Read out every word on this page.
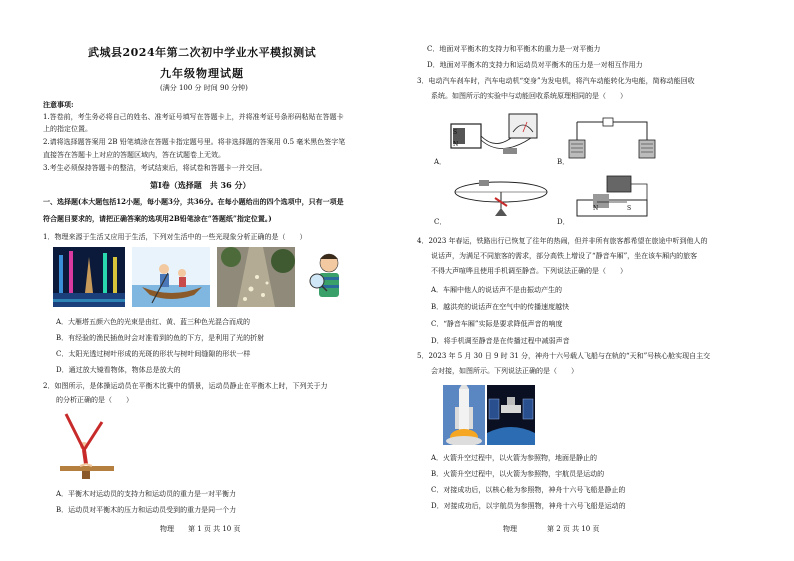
武城县2024年第二次初中学业水平模拟测试
九年级物理试题
(满分 100 分 时间 90 分钟)
注意事项:
1.答卷前，考生务必将自己的姓名、准考证号填写在答题卡上，并将准考证号条形码粘贴在答题卡
上的指定位置。
2.请将选择题答案用 2B 铅笔填涂在答题卡指定题号里。将非选择题的答案用 0.5 毫米黑色签字笔
直接答在答题卡上对应的答题区域内，答在试题卷上无效。
3.考生必须保持答题卡的整洁，考试结束后，将试卷和答题卡一并交回。
第Ⅰ卷（选择题　共 36 分）
一、选择题(本大题包括12小题，每小题3分，共36分。在每小题给出的四个选项中，只有一项是
符合题目要求的，请把正确答案的选项用2B铅笔涂在“答题纸”指定位置。)
1．物理来源于生活又应用于生活，下列对生活中的一些光现象分析正确的是（　　）
A．大雁塔五颜六色的光束是由红、黄、蓝三种色光混合而成的
B．有经验的渔民插鱼时会对准看到的鱼的下方，是利用了光的折射
C．太阳光透过树叶形成的光斑的形状与树叶间缝隙的形状一样
D．通过放大镜看物体，物体总是放大的
2．如图所示，是体操运动员在平衡木比赛中的情景，运动员静止在平衡木上时，下列关于力
的分析正确的是（　　）
A．平衡木对运动员的支持力和运动员的重力是一对平衡力
B．运动员对平衡木的压力和运动员受到的重力是同一个力
物理 第 1 页 共 10 页
C．地面对平衡木的支持力和平衡木的重力是一对平衡力
D．地面对平衡木的支持力和运动员对平衡木的压力是一对相互作用力
3．电动汽车刹车时，汽车电动机“变身”为发电机，将汽车动能转化为电能，简称动能回收
系统。如图所示的实验中与动能回收系统原理相同的是（　　）
A．
N
S
B．
C．	D．
N	S
4．2023 年春运，铁路出行已恢复了往年的热闹，但并非所有旅客都希望在旅途中听到他人的
说话声，为满足不同旅客的需求，部分高铁上增设了“静音车厢”，坐在该车厢内的旅客
不得大声喧哗且使用手机调至静音。下列说法正确的是（　　）
A．车厢中他人的说话声不是由振动产生的
B．越洪亮的说话声在空气中的传播速度越快
C．“静音车厢”实际是要求降低声音的响度
D．将手机调至静音是在传播过程中减弱声音
5．2023 年 5 月 30 日 9 时 31 分，神舟十六号载人飞船与在轨的“天和”号核心舱实现自主交
会对接，如图所示。下列说法正确的是（　　）
A．火箭升空过程中，以火箭为参照物，地面是静止的
B．火箭升空过程中，以火箭为参照物，宇航员是运动的
C．对接成功后，以核心舱为参照物，神舟十六号飞船是静止的
D．对接成功后，以宇航员为参照物，神舟十六号飞船是运动的
物理	第 2 页 共 10 页
